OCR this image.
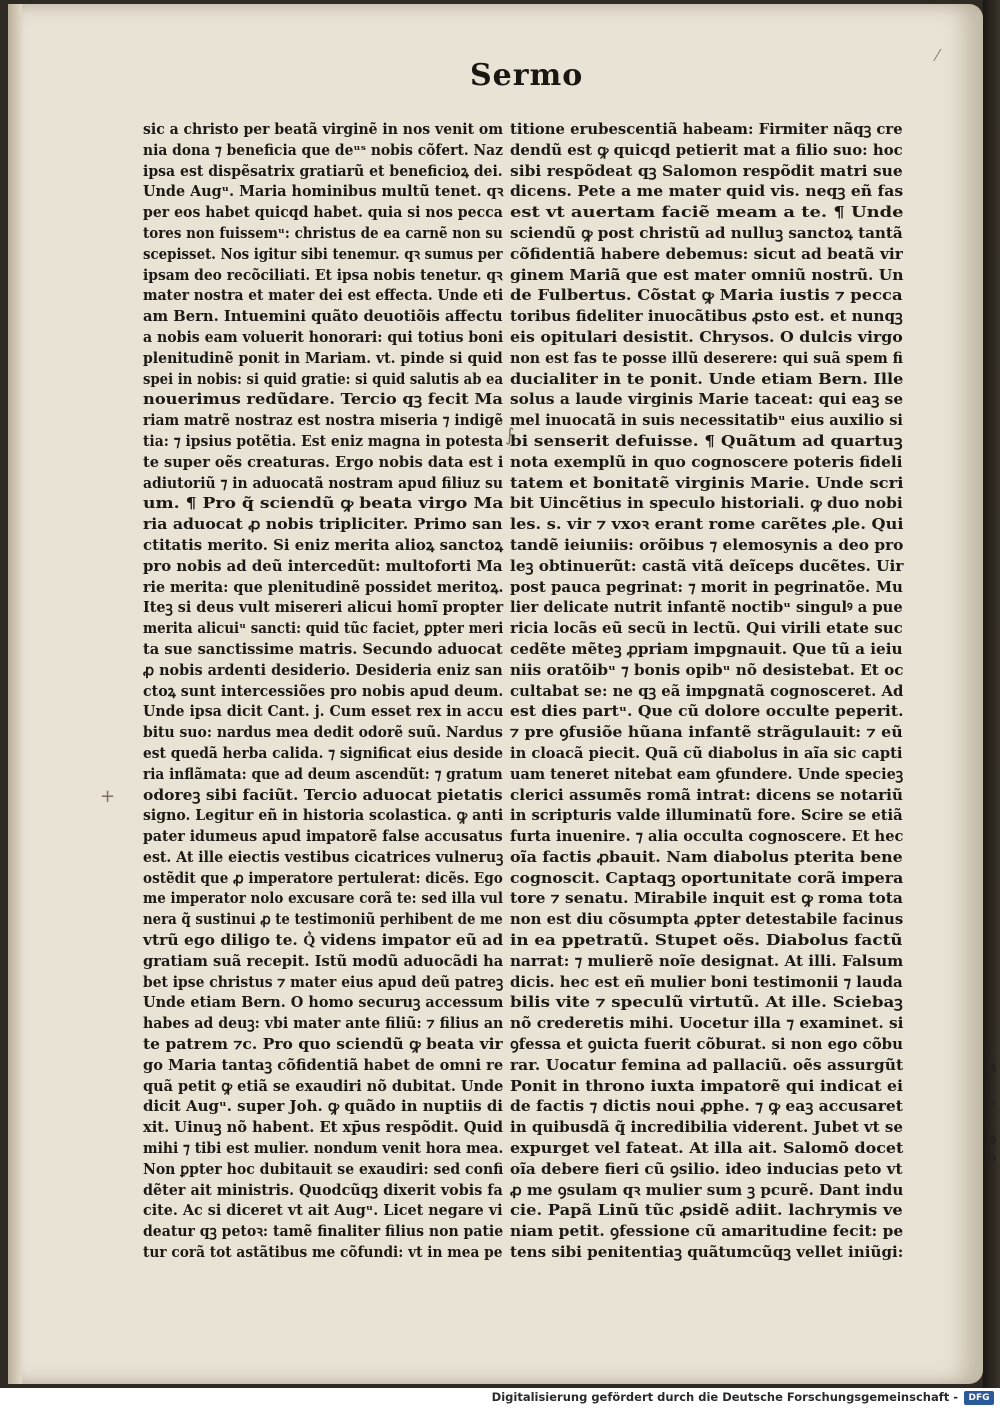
t
n
l
e
t
p
b
Sermo
⁄
sic a christo per beatã virginẽ in nos venit om
nia dona ⁊ beneficia que deᵘˢ nobis cõfert. Naz
ipsa est dispẽsatrix gratiarũ et beneficioꝝ dei.
Unde Augᵘ. Maria hominibus multũ tenet. qꝛ
per eos habet quicqd habet. quia si nos pecca
tores non fuissemᵘ: christus de ea carnẽ non su
scepisset. Nos igitur sibi tenemur. qꝛ sumus per
ipsam deo recõciliati. Et ipsa nobis tenetur. qꝛ
mater nostra et mater dei est effecta. Unde eti
am Bern. Intuemini quãto deuotiõis affectu
a nobis eam voluerit honorari: qui totius boni
plenitudinẽ ponit in Mariam. vt. pinde si quid
spei in nobis: si quid gratie: si quid salutis ab ea
nouerimus redũdare. Tercio qꝫ fecit Ma
riam matrẽ nostraz est nostra miseria ⁊ indigẽ
tia: ⁊ ipsius potẽtia. Est eniz magna in potesta
te super oẽs creaturas. Ergo nobis data est i
adiutoriũ ⁊ in aduocatã nostram apud filiuz su
um. ¶ Pro q̃ sciendũ ꝙ beata virgo Ma
ria aduocat ꝓ nobis tripliciter. Primo san
ctitatis merito. Si eniz merita alioꝝ sanctoꝝ
pro nobis ad deũ intercedũt: multoforti Ma
rie merita: que plenitudinẽ possidet meritoꝝ.
Iteꝫ si deus vult misereri alicui homĩ propter
merita alicuiᵘ sancti: quid tũc faciet, ꝑpter meri
ta sue sanctissime matris. Secundo aduocat
ꝓ nobis ardenti desiderio. Desideria eniz san
ctoꝝ sunt intercessiões pro nobis apud deum.
Unde ipsa dicit Cant. j. Cum esset rex in accu
bitu suo: nardus mea dedit odorẽ suũ. Nardus
est quedã herba calida. ⁊ significat eius deside
ria inflãmata: que ad deum ascendũt: ⁊ gratum
odoreꝫ sibi faciũt. Tercio aduocat pietatis
signo. Legitur eñ in historia scolastica. ꝙ anti
pater idumeus apud impatorẽ false accusatus
est. At ille eiectis vestibus cicatrices vulneruꝫ
ostẽdit que ꝓ imperatore pertulerat: dicẽs. Ego
me imperator nolo excusare corã te: sed illa vul
nera q̃ sustinui ꝓ te testimoniũ perhibent de me
vtrũ ego diligo te. Q͛ videns impator eũ ad
gratiam suã recepit. Istũ modũ aduocãdi ha
bet ipse christus ⁊ mater eius apud deũ patreꝫ
Unde etiam Bern. O homo securuꝫ accessum
habes ad deuꝫ: vbi mater ante filiũ: ⁊ filius an
te patrem ⁊c. Pro quo sciendũ ꝙ beata vir
go Maria tantaꝫ cõfidentiã habet de omni re
quã petit ꝙ etiã se exaudiri nõ dubitat. Unde
dicit Augᵘ. super Joh. ꝙ quãdo in nuptiis di
xit. Uinuꝫ nõ habent. Et xp̄us respõdit. Quid
mihi ⁊ tibi est mulier. nondum venit hora mea.
Non ꝑpter hoc dubitauit se exaudiri: sed confi
dẽter ait ministris. Quodcũqꝫ dixerit vobis fa
cite. Ac si diceret vt ait Augᵘ. Licet negare vi
deatur qꝫ petoꝛ: tamẽ finaliter filius non patie
tur corã tot astãtibus me cõfundi: vt in mea pe
titione erubescentiã habeam: Firmiter nãqꝫ cre
dendũ est ꝙ quicqd petierit mat a filio suo: hoc
sibi respõdeat qꝫ Salomon respõdit matri sue
dicens. Pete a me mater quid vis. neqꝫ eñ fas
est vt auertam faciẽ meam a te. ¶ Unde
sciendũ ꝙ post christũ ad nulluꝫ sanctoꝝ tantã
cõfidentiã habere debemus: sicut ad beatã vir
ginem Mariã que est mater omniũ nostrũ. Un
de Fulbertus. Cõstat ꝙ Maria iustis ⁊ pecca
toribus fideliter inuocãtibus ꝓsto est. et nunqꝫ
eis opitulari desistit. Chrysos. O dulcis virgo
non est fas te posse illũ deserere: qui suã spem fi
ducialiter in te ponit. Unde etiam Bern. Ille
solus a laude virginis Marie taceat: qui eaꝫ se
mel inuocatã in suis necessitatibᵘ eius auxilio si
bi senserit defuisse. ¶ Quãtum ad quartuꝫ
nota exemplũ in quo cognoscere poteris fideli
tatem et bonitatẽ virginis Marie. Unde scri
bit Uincẽtius in speculo historiali. ꝙ duo nobi
les. s. vir ⁊ vxoꝛ erant rome carẽtes ꝓle. Qui
tandẽ ieiuniis: orõibus ⁊ elemosynis a deo pro
leꝫ obtinuerũt: castã vitã deĩceps ducẽtes. Uir
post pauca pegrinat: ⁊ morit in pegrinatõe. Mu
lier delicate nutrit infantẽ noctibᵘ singulꝰ a pue
ricia locãs eũ secũ in lectũ. Qui virili etate suc
cedẽte mẽteꝫ ꝓpriam impgnauit. Que tũ a ieiu
niis oratõibᵘ ⁊ bonis opibᵘ nõ desistebat. Et oc
cultabat se: ne qꝫ eã impgnatã cognosceret. Ad
est dies partᵘ. Que cũ dolore occulte peperit.
⁊ pre ꝯfusiõe hũana infantẽ strãgulauit: ⁊ eũ
in cloacã piecit. Quã cũ diabolus in aĩa sic capti
uam teneret nitebat eam ꝯfundere. Unde specieꝫ
clerici assumẽs romã intrat: dicens se notariũ
in scripturis valde illuminatũ fore. Scire se etiã
furta inuenire. ⁊ alia occulta cognoscere. Et hec
oĩa factis ꝓbauit. Nam diabolus pterita bene
cognoscit. Captaqꝫ oportunitate corã impera
tore ⁊ senatu. Mirabile inquit est ꝙ roma tota
non est diu cõsumpta ꝓpter detestabile facinus
in ea ppetratũ. Stupet oẽs. Diabolus factũ
narrat: ⁊ mulierẽ noĩe designat. At illi. Falsum
dicis. hec est eñ mulier boni testimonii ⁊ lauda
bilis vite ⁊ speculũ virtutũ. At ille. Sciebaꝫ
nõ crederetis mihi. Uocetur illa ⁊ examinet. si
ꝯfessa et ꝯuicta fuerit cõburat. si non ego cõbu
rar. Uocatur femina ad pallaciũ. oẽs assurgũt
Ponit in throno iuxta impatorẽ qui indicat ei
de factis ⁊ dictis noui ꝓphe. ⁊ ꝙ eaꝫ accusaret
in quibusdã q̃ incredibilia viderent. Jubet vt se
expurget vel fateat. At illa ait. Salomõ docet
oĩa debere fieri cũ ꝯsilio. ideo inducias peto vt
ꝓ me ꝯsulam qꝛ mulier sum ꝫ pcurẽ. Dant indu
cie. Papã Linũ tũc ꝓsidẽ adiit. lachrymis ve
niam petit. ꝯfessione cũ amaritudine fecit: pe
tens sibi penitentiaꝫ quãtumcũqꝫ vellet iniũgi:
∫
+
Digitalisierung gefördert durch die Deutsche Forschungsgemeinschaft -	DFG
